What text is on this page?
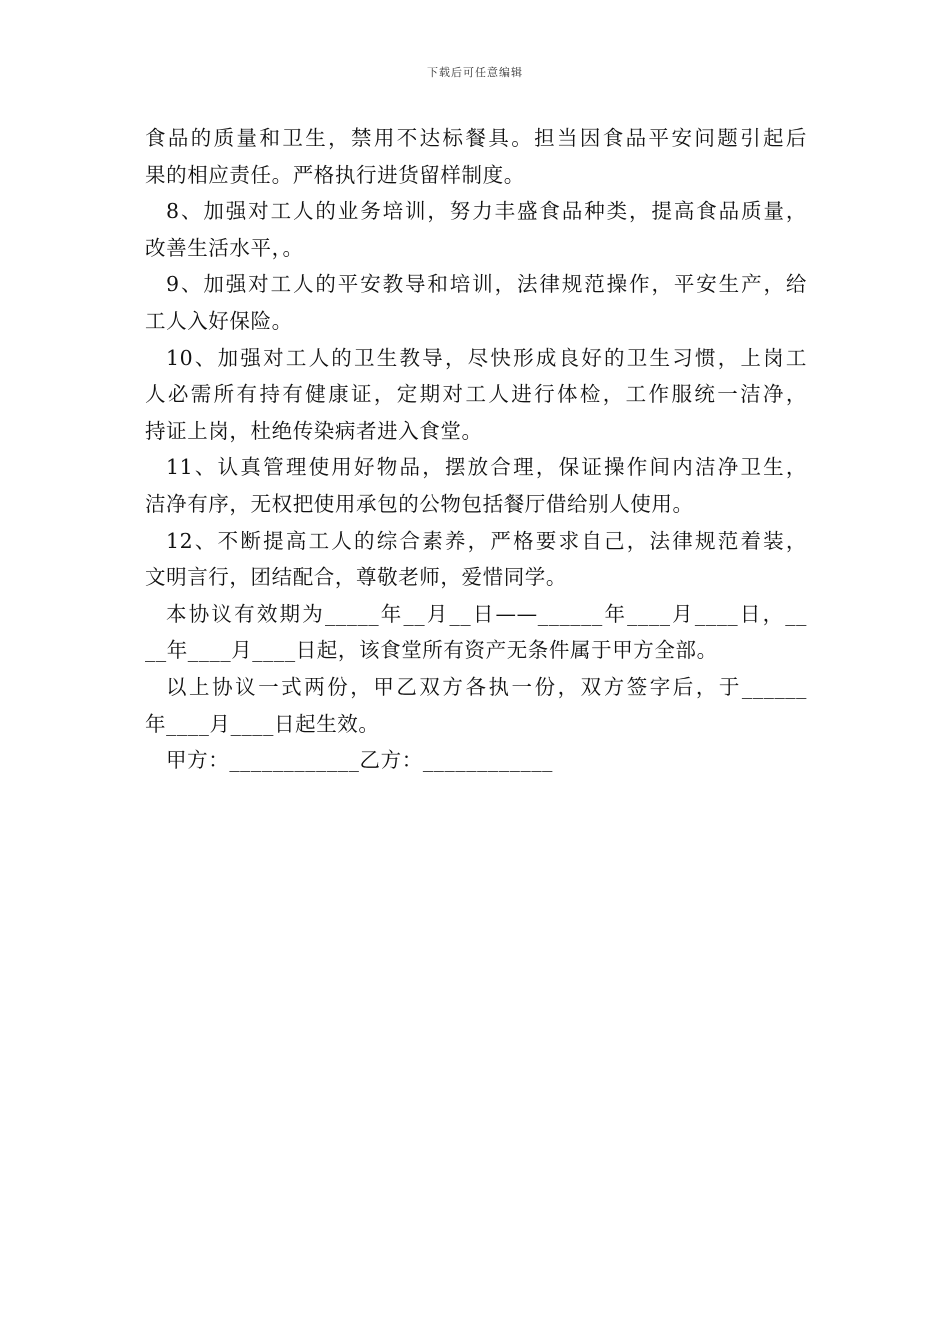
下载后可任意编辑
食品的质量和卫生，禁用不达标餐具。担当因食品平安问题引起后
果的相应责任。严格执行进货留样制度。
8、加强对工人的业务培训，努力丰盛食品种类，提高食品质量，
改善生活水平，。
9、加强对工人的平安教导和培训，法律规范操作，平安生产，给
工人入好保险。
10、加强对工人的卫生教导，尽快形成良好的卫生习惯，上岗工
人必需所有持有健康证，定期对工人进行体检，工作服统一洁净，
持证上岗，杜绝传染病者进入食堂。
11、认真管理使用好物品，摆放合理，保证操作间内洁净卫生，
洁净有序，无权把使用承包的公物包括餐厅借给别人使用。
12、不断提高工人的综合素养，严格要求自己，法律规范着装，
文明言行，团结配合，尊敬老师，爱惜同学。
本协议有效期为_____年__月__日——______年____月____日，__
__年____月____日起，该食堂所有资产无条件属于甲方全部。
以上协议一式两份，甲乙双方各执一份，双方签字后，于______
年____月____日起生效。
甲方：____________乙方：____________
